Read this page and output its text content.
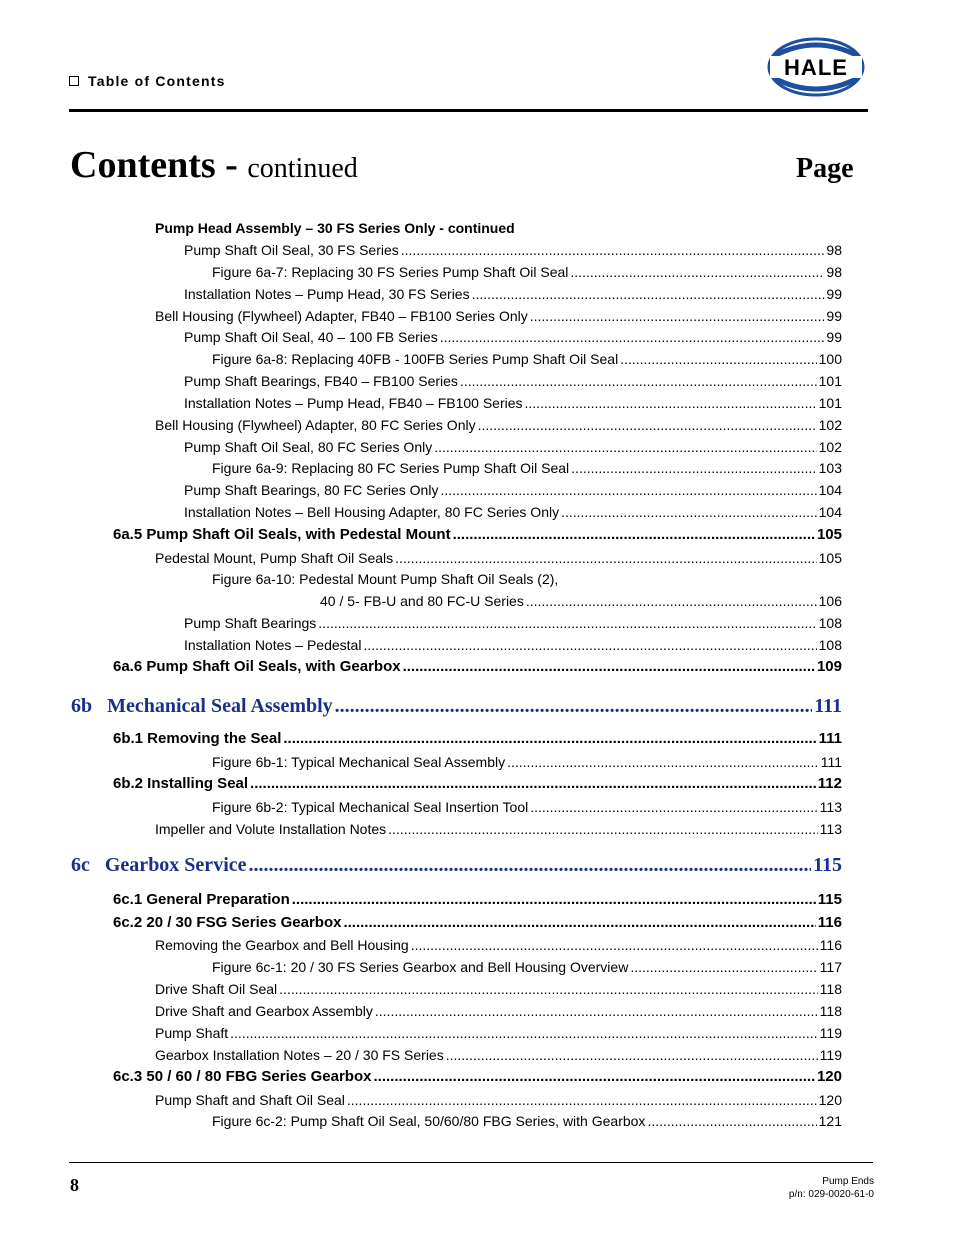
Table of Contents
HALE
Contents - continued	Page
Pump Head Assembly – 30 FS Series Only - continued
Pump Shaft Oil Seal, 30 FS Series .....	98
Figure 6a-7: Replacing 30 FS Series Pump Shaft Oil Seal .....	98
Installation Notes – Pump Head, 30 FS Series .....	99
Bell Housing (Flywheel) Adapter, FB40 – FB100 Series Only .....	99
Pump Shaft Oil Seal, 40 – 100 FB Series .....	99
Figure 6a-8: Replacing 40FB - 100FB Series Pump Shaft Oil Seal .....	100
Pump Shaft Bearings, FB40 – FB100 Series .....	101
Installation Notes – Pump Head, FB40 – FB100 Series .....	101
Bell Housing (Flywheel) Adapter, 80 FC Series Only .....	102
Pump Shaft Oil Seal, 80 FC Series Only .....	102
Figure 6a-9: Replacing 80 FC Series Pump Shaft Oil Seal .....	103
Pump Shaft Bearings, 80 FC Series Only .....	104
Installation Notes – Bell Housing Adapter, 80 FC Series Only .....	104
6a.5 Pump Shaft Oil Seals, with Pedestal Mount .....	105
Pedestal Mount, Pump Shaft Oil Seals .....	105
Figure 6a-10: Pedestal Mount Pump Shaft Oil Seals (2),
40 / 5- FB-U and 80 FC-U Series .....	106
Pump Shaft Bearings .....	108
Installation Notes – Pedestal .....	108
6a.6 Pump Shaft Oil Seals, with Gearbox .....	109
6b   Mechanical Seal Assembly .....	111
6b.1 Removing the Seal .....	111
Figure 6b-1: Typical Mechanical Seal Assembly .....	111
6b.2 Installing Seal .....	112
Figure 6b-2: Typical Mechanical Seal Insertion Tool .....	113
Impeller and Volute Installation Notes .....	113
6c   Gearbox Service .....	115
6c.1 General Preparation .....	115
6c.2 20 / 30 FSG Series Gearbox .....	116
Removing the Gearbox and Bell Housing .....	116
Figure 6c-1: 20 / 30 FS Series Gearbox and Bell Housing Overview .....	117
Drive Shaft Oil Seal .....	118
Drive Shaft and Gearbox Assembly .....	118
Pump Shaft .....	119
Gearbox Installation Notes – 20 / 30 FS Series .....	119
6c.3 50 / 60 / 80 FBG Series Gearbox .....	120
Pump Shaft and Shaft Oil Seal .....	120
Figure 6c-2: Pump Shaft Oil Seal, 50/60/80 FBG Series, with Gearbox .....	121
8	Pump Ends
p/n: 029-0020-61-0
